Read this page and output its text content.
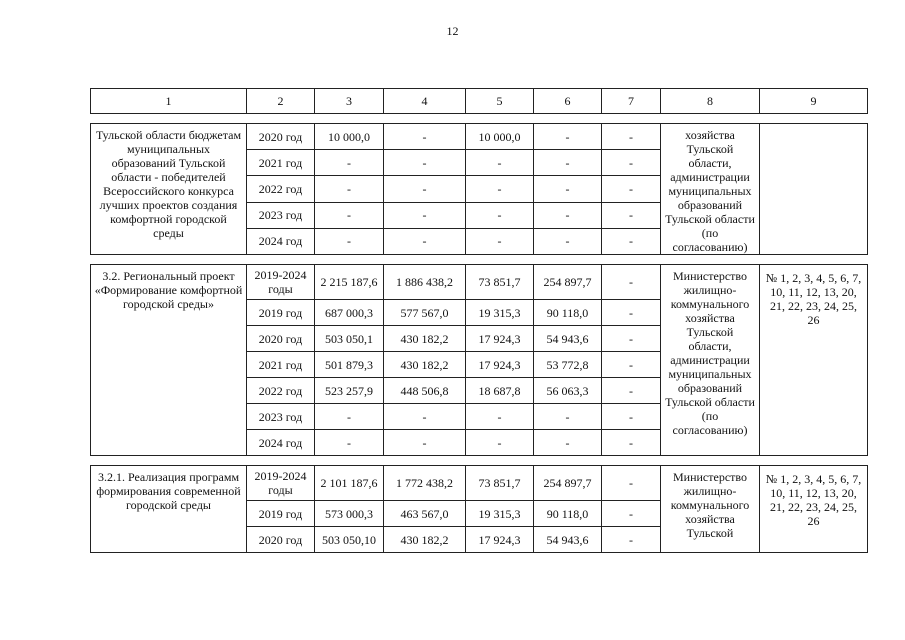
12
1	2	3	4	5	6	7	8	9

Тульской области бюджетам муниципальных образований Тульской области - победителей Всероссийского конкурса лучших проектов создания комфортной городской среды	2020 год	10 000,0	-	10 000,0	-	-	хозяйства Тульской области, администрации муниципальных образований Тульской области (по согласованию)	
	2021 год	-	-	-	-	-		
	2022 год	-	-	-	-	-		
	2023 год	-	-	-	-	-		
	2024 год	-	-	-	-	-		

3.2. Региональный проект «Формирование комфортной городской среды»	2019-2024 годы	2 215 187,6	1 886 438,2	73 851,7	254 897,7	-	Министерство жилищно-коммунального хозяйства Тульской области, администрации муниципальных образований Тульской области (по согласованию)	№ 1, 2, 3, 4, 5, 6, 7, 10, 11, 12, 13, 20, 21, 22, 23, 24, 25, 26
	2019 год	687 000,3	577 567,0	19 315,3	90 118,0	-		
	2020 год	503 050,1	430 182,2	17 924,3	54 943,6	-		
	2021 год	501 879,3	430 182,2	17 924,3	53 772,8	-		
	2022 год	523 257,9	448 506,8	18 687,8	56 063,3	-		
	2023 год	-	-	-	-	-		
	2024 год	-	-	-	-	-		

3.2.1. Реализация программ формирования современной городской среды	2019-2024 годы	2 101 187,6	1 772 438,2	73 851,7	254 897,7	-	Министерство жилищно-коммунального хозяйства Тульской	№ 1, 2, 3, 4, 5, 6, 7, 10, 11, 12, 13, 20, 21, 22, 23, 24, 25, 26
	2019 год	573 000,3	463 567,0	19 315,3	90 118,0	-		
	2020 год	503 050,10	430 182,2	17 924,3	54 943,6	-		
